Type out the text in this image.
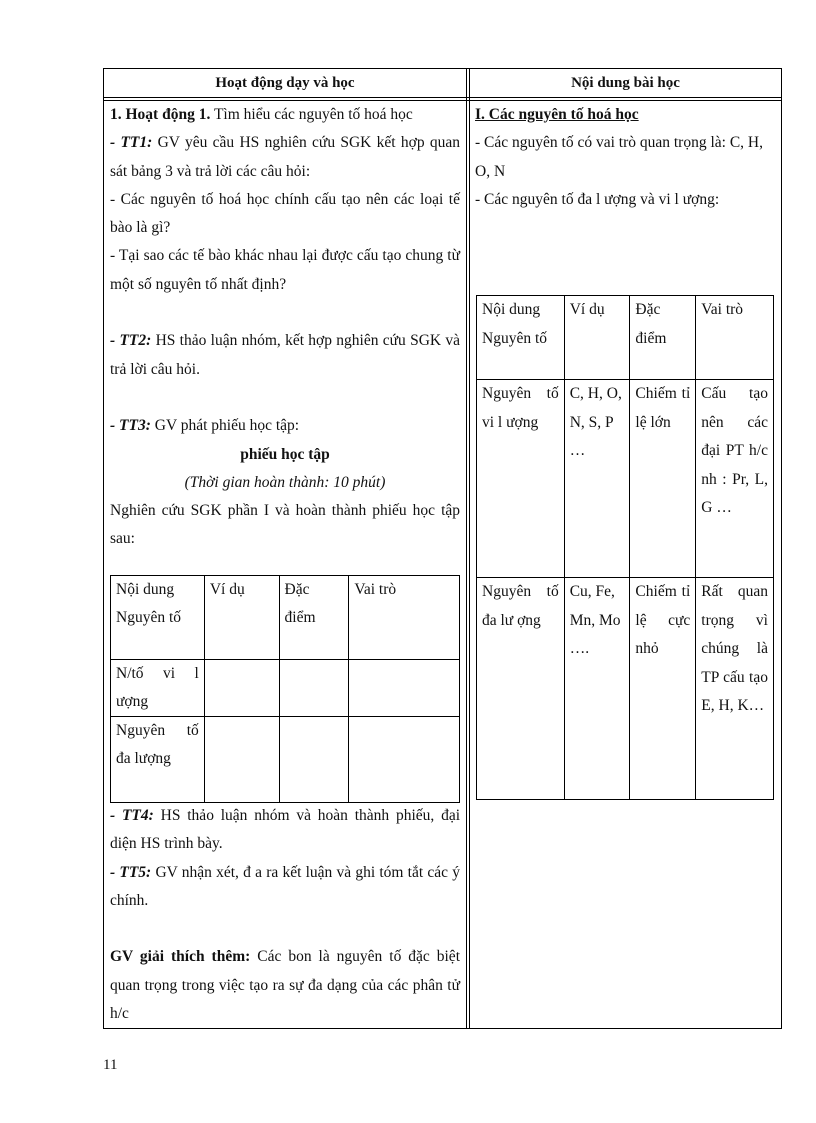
Hoạt động dạy và học	Nội dung bài học

1. Hoạt động 1. Tìm hiểu các nguyên tố hoá học

- TT1: GV yêu cầu HS nghiên cứu SGK kết hợp quan sát bảng 3 và trả lời các câu hỏi:

- Các nguyên tố hoá học chính cấu tạo nên các loại tế bào là gì?

- Tại sao các tế bào khác nhau lại được cấu tạo chung từ một số nguyên tố nhất định?

- TT2: HS thảo luận nhóm, kết hợp nghiên cứu SGK và trả lời câu hỏi.

- TT3: GV phát phiếu học tập:

phiếu học tập

(Thời gian hoàn thành: 10 phút)

Nghiên cứu SGK phần I và hoàn thành phiếu học tập sau:

Nội dung
Nguyên tố	Ví dụ	Đặc điểm	Vai trò
N/tố vi l ượng			
Nguyên tố đa lượng			

- TT4: HS thảo luận nhóm và hoàn thành phiếu, đại diện HS trình bày.

- TT5: GV nhận xét, đ a ra kết luận và ghi tóm tắt các ý chính.

GV giải thích thêm: Các bon là nguyên tố đặc biệt quan trọng trong việc tạo ra sự đa dạng của các phân tử h/c

I. Các nguyên tố hoá học

- Các nguyên tố có vai trò quan trọng là: C, H, O, N

- Các nguyên tố đa l ượng và vi l ượng:

Nội dung
Nguyên tố	Ví dụ	Đặc điểm	Vai trò
Nguyên tố vi l ượng	C, H, O, N, S, P …	Chiếm tỉ lệ lớn	Cấu tạo nên các đại PT h/c nh : Pr, L, G …
Nguyên tố đa lư ợng	Cu, Fe, Mn, Mo ….	Chiếm tỉ lệ cực nhỏ	Rất quan trọng vì chúng là TP cấu tạo E, H, K…
11
